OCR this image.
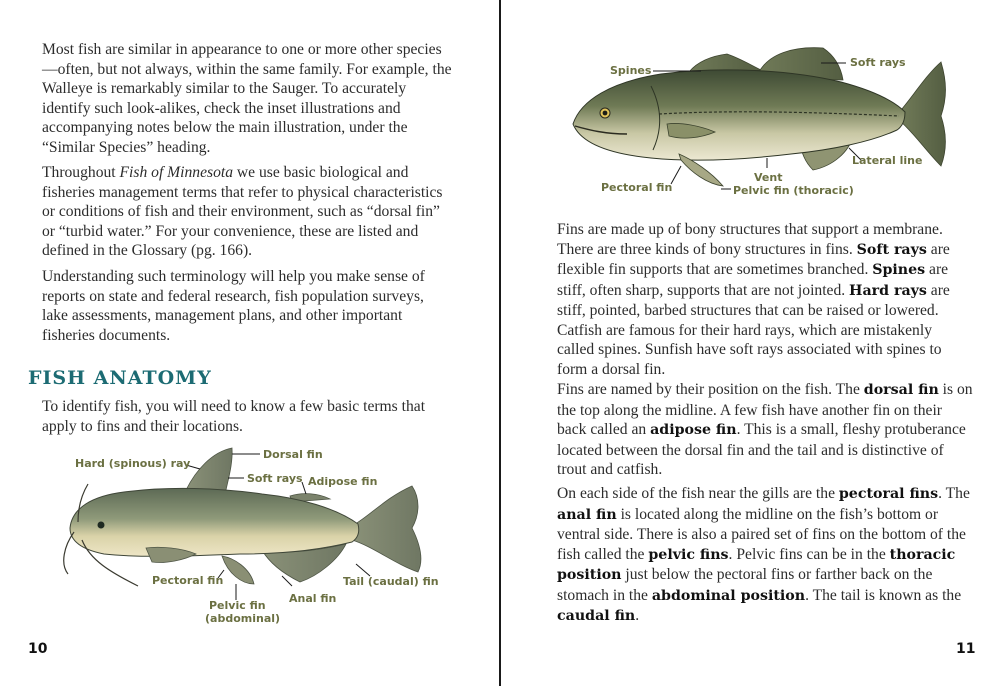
Most fish are similar in appearance to one or more other species—often, but not always, within the same family. For example, the Walleye is remarkably similar to the Sauger. To accurately identify such look-alikes, check the inset illustrations and accompanying notes below the main illustration, under the “Similar Species” heading.

Throughout Fish of Minnesota we use basic biological and fisheries management terms that refer to physical characteristics or conditions of fish and their environment, such as “dorsal fin” or “turbid water.” For your convenience, these are listed and defined in the Glossary (pg. 166).

Understanding such terminology will help you make sense of reports on state and federal research, fish population surveys, lake assessments, management plans, and other important fisheries documents.

FISH ANATOMY

To identify fish, you will need to know a few basic terms that apply to fins and their locations.

Hard (spinous) ray
Dorsal fin
Soft rays Adipose fin
Pectoral fin	Tail (caudal) fin
Anal fin
Pelvic fin
(abdominal)
10
Spines
Soft rays
Lateral line
Vent
Pectoral fin	Pelvic fin (thoracic)

Fins are made up of bony structures that support a membrane. There are three kinds of bony structures in fins. Soft rays are flexible fin supports that are sometimes branched. Spines are stiff, often sharp, supports that are not jointed. Hard rays are stiff, pointed, barbed structures that can be raised or lowered. Catfish are famous for their hard rays, which are mistakenly called spines. Sunfish have soft rays associated with spines to form a dorsal fin.

Fins are named by their position on the fish. The dorsal fin is on the top along the midline. A few fish have another fin on their back called an adipose fin. This is a small, fleshy protuberance located between the dorsal fin and the tail and is distinctive of trout and catfish.

On each side of the fish near the gills are the pectoral fins. The anal fin is located along the midline on the fish’s bottom or ventral side. There is also a paired set of fins on the bottom of the fish called the pelvic fins. Pelvic fins can be in the thoracic position just below the pectoral fins or farther back on the stomach in the abdominal position. The tail is known as the caudal fin.

11
